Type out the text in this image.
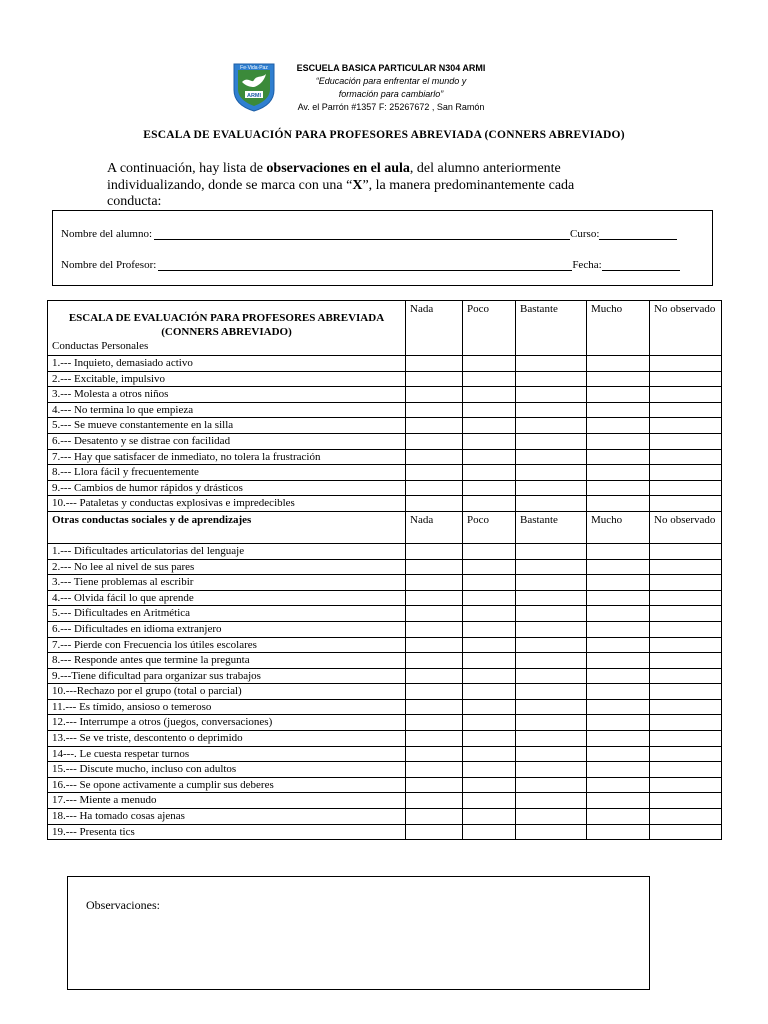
Fe·Vida·Paz
ARMI
ESCUELA BASICA PARTICULAR N304 ARMI
“Educación para enfrentar el mundo y
formación para cambiarlo”
Av. el Parrón #1357 F: 25267672 , San Ramón
ESCALA DE EVALUACIÓN PARA PROFESORES ABREVIADA (CONNERS ABREVIADO)
A continuación, hay lista de observaciones en el aula, del alumno anteriormente individualizando, donde se marca con una “X”, la manera predominantemente cada conducta:
Nombre del alumno:	Curso:
Nombre del Profesor:	Fecha:
ESCALA DE EVALUACIÓN PARA PROFESORES ABREVIADA (CONNERS ABREVIADO)
Conductas Personales	Nada	Poco	Bastante	Mucho	No observado
1.--- Inquieto, demasiado activo					
2.--- Excitable, impulsivo					
3.--- Molesta a otros niños					
4.--- No termina lo que empieza					
5.--- Se mueve constantemente en la silla					
6.--- Desatento y se distrae con facilidad					
7.--- Hay que satisfacer de inmediato, no tolera la frustración					
8.--- Llora fácil y frecuentemente					
9.--- Cambios de humor rápidos y drásticos					
10.--- Pataletas y conductas explosivas e impredecibles					
Otras conductas sociales y de aprendizajes	Nada	Poco	Bastante	Mucho	No observado
1.--- Dificultades articulatorias del lenguaje					
2.--- No lee al nivel de sus pares					
3.--- Tiene problemas al escribir					
4.--- Olvida fácil lo que aprende					
5.--- Dificultades en Aritmética					
6.--- Dificultades en idioma extranjero					
7.--- Pierde con Frecuencia los útiles escolares					
8.--- Responde antes que termine la pregunta					
9.---Tiene dificultad para organizar sus trabajos					
10.---Rechazo por el grupo (total o parcial)					
11.--- Es tímido, ansioso o temeroso					
12.--- Interrumpe a otros (juegos, conversaciones)					
13.--- Se ve triste, descontento o deprimido					
14---. Le cuesta respetar turnos					
15.--- Discute mucho, incluso con adultos					
16.--- Se opone activamente a cumplir sus deberes					
17.--- Miente a menudo					
18.--- Ha tomado cosas ajenas					
19.--- Presenta tics					
Observaciones:
